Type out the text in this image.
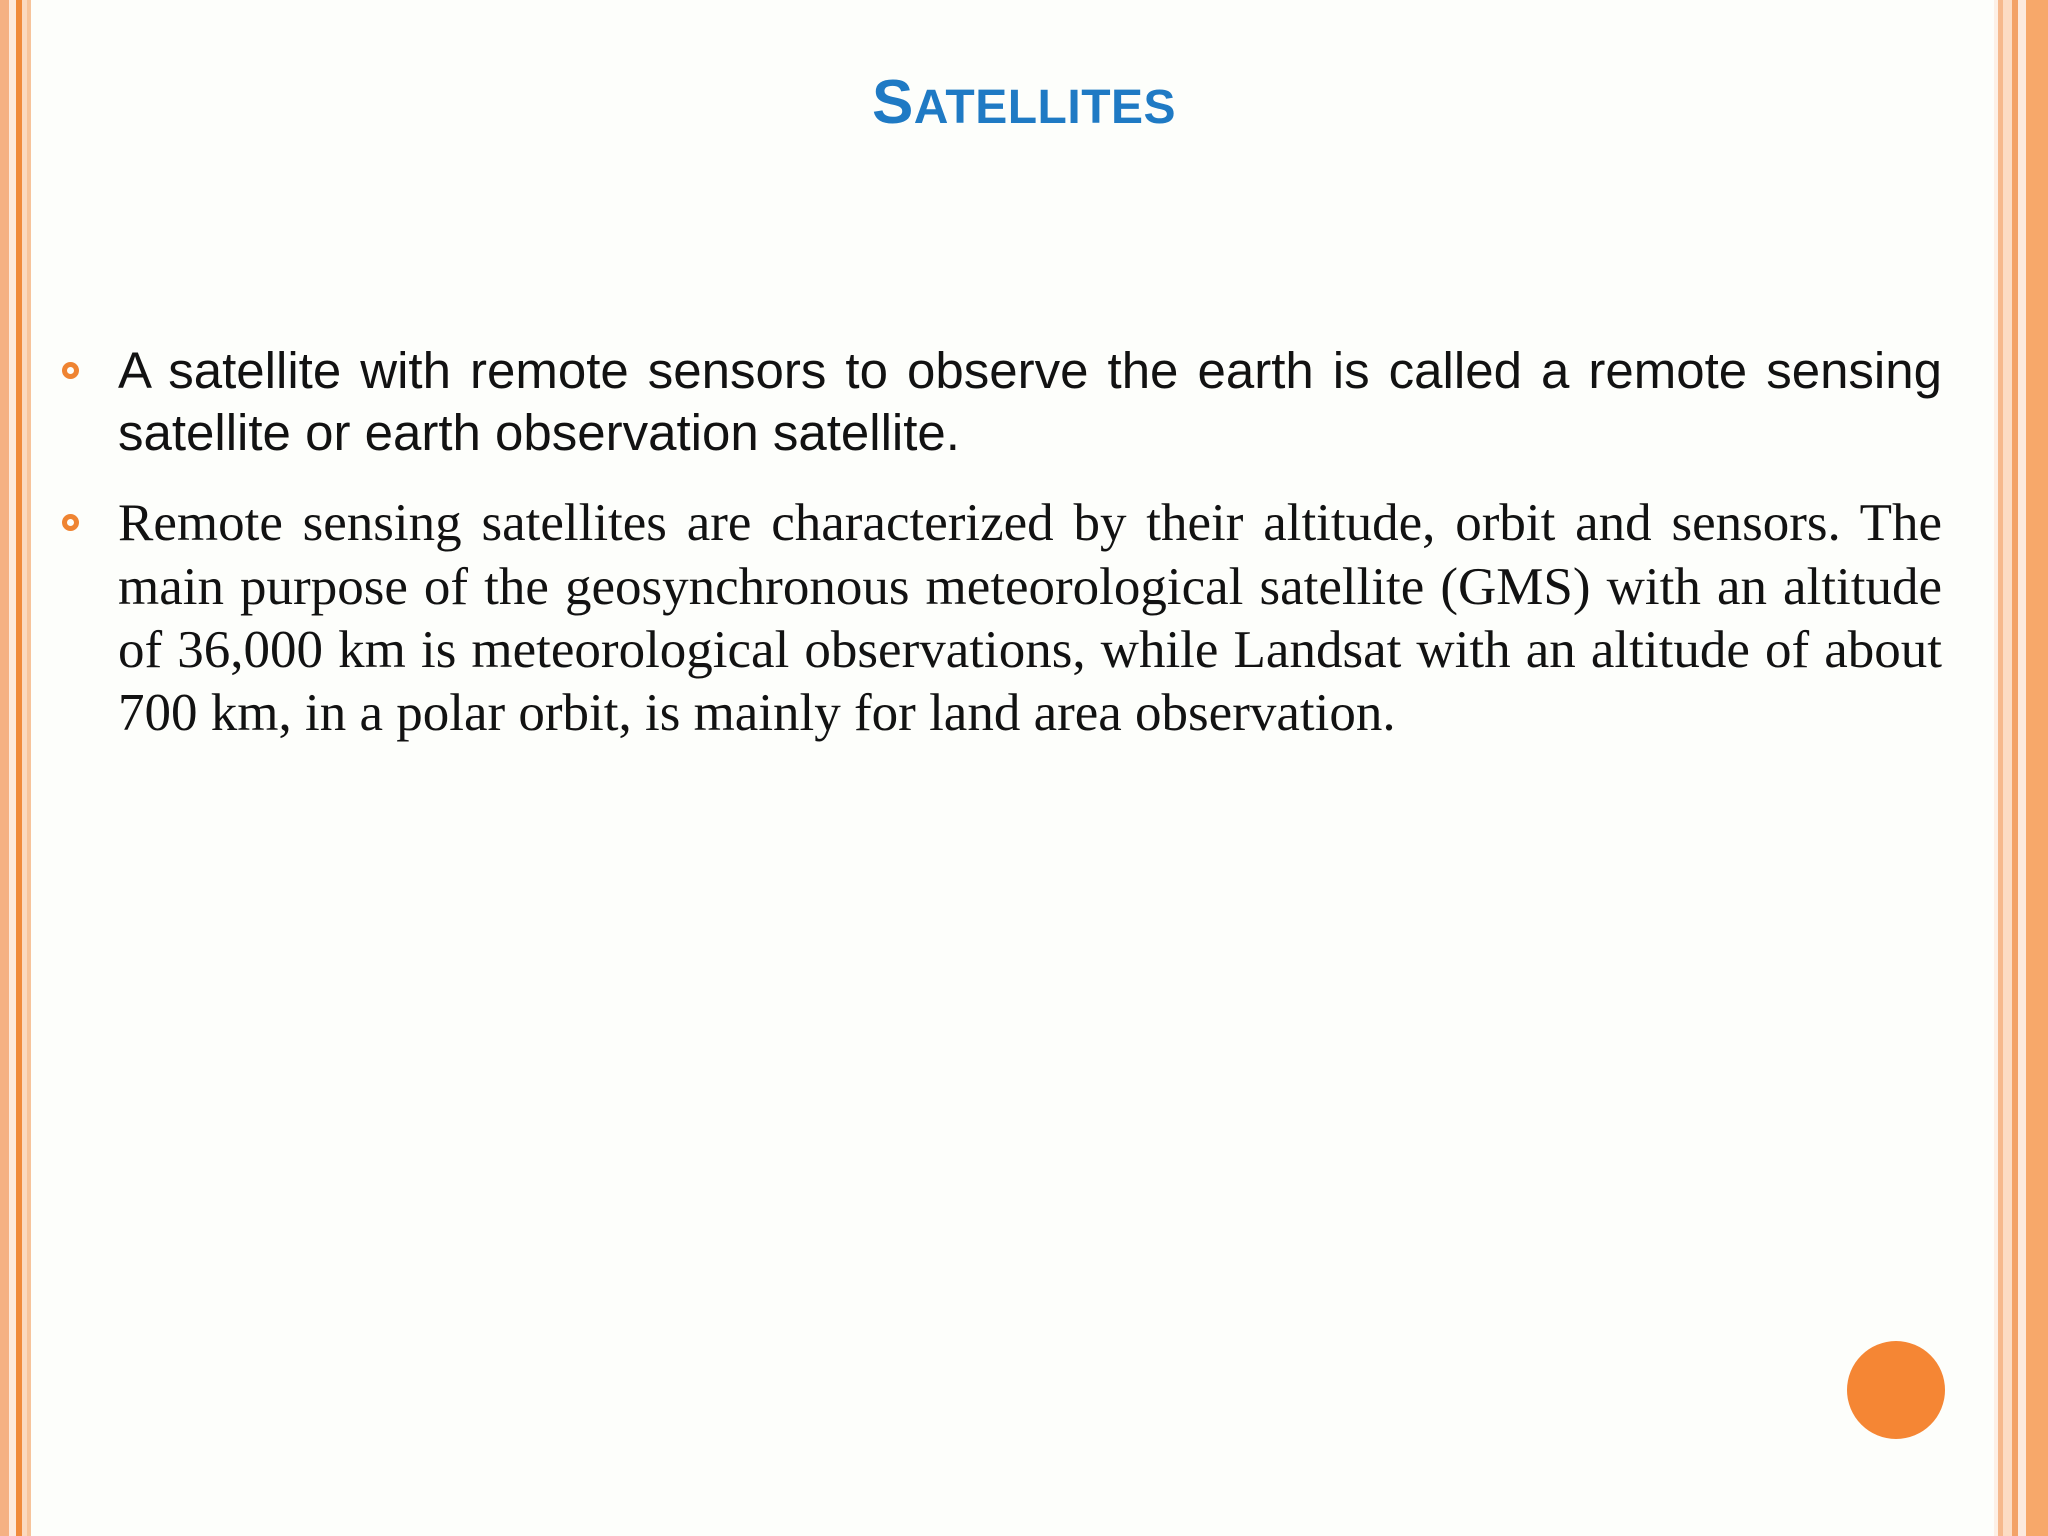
SATELLITES
A satellite with remote sensors to observe the earth is called a remote sensing satellite or earth observation satellite.
Remote sensing satellites are characterized by their altitude, orbit and sensors. The main purpose of the geosynchronous meteorological satellite (GMS) with an altitude of 36,000 km is meteorological observations, while Landsat with an altitude of about 700 km, in a polar orbit, is mainly for land area observation.
